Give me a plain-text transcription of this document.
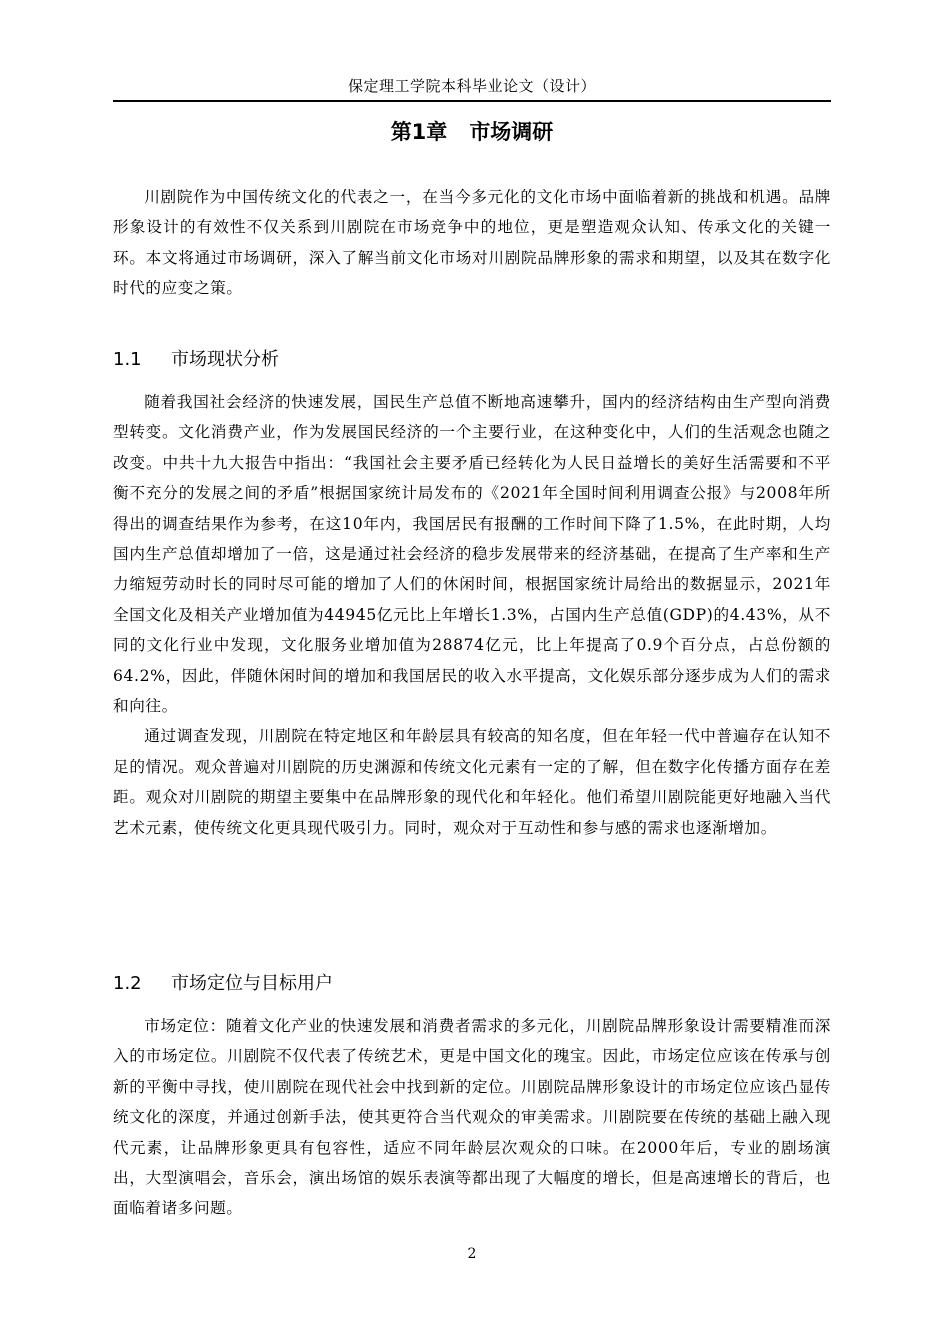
保定理工学院本科毕业论文（设计）
第1章 市场调研

川剧院作为中国传统文化的代表之一，在当今多元化的文化市场中面临着新的挑战和机遇。品牌形象设计的有效性不仅关系到川剧院在市场竞争中的地位，更是塑造观众认知、传承文化的关键一环。本文将通过市场调研，深入了解当前文化市场对川剧院品牌形象的需求和期望，以及其在数字化时代的应变之策。

1.1 市场现状分析

随着我国社会经济的快速发展，国民生产总值不断地高速攀升，国内的经济结构由生产型向消费型转变。文化消费产业，作为发展国民经济的一个主要行业，在这种变化中，人们的生活观念也随之改变。中共十九大报告中指出：“我国社会主要矛盾已经转化为人民日益增长的美好生活需要和不平衡不充分的发展之间的矛盾”根据国家统计局发布的《2021年全国时间利用调查公报》与2008年所得出的调查结果作为参考，在这10年内，我国居民有报酬的工作时间下降了1.5%，在此时期，人均国内生产总值却增加了一倍，这是通过社会经济的稳步发展带来的经济基础，在提高了生产率和生产力缩短劳动时长的同时尽可能的增加了人们的休闲时间，根据国家统计局给出的数据显示，2021年全国文化及相关产业增加值为44945亿元比上年增长1.3%，占国内生产总值(GDP)的4.43%，从不同的文化行业中发现，文化服务业增加值为28874亿元，比上年提高了0.9个百分点，占总份额的64.2%，因此，伴随休闲时间的增加和我国居民的收入水平提高，文化娱乐部分逐步成为人们的需求和向往。

通过调查发现，川剧院在特定地区和年龄层具有较高的知名度，但在年轻一代中普遍存在认知不足的情况。观众普遍对川剧院的历史渊源和传统文化元素有一定的了解，但在数字化传播方面存在差距。观众对川剧院的期望主要集中在品牌形象的现代化和年轻化。他们希望川剧院能更好地融入当代艺术元素，使传统文化更具现代吸引力。同时，观众对于互动性和参与感的需求也逐渐增加。

1.2 市场定位与目标用户

市场定位：随着文化产业的快速发展和消费者需求的多元化，川剧院品牌形象设计需要精准而深入的市场定位。川剧院不仅代表了传统艺术，更是中国文化的瑰宝。因此，市场定位应该在传承与创新的平衡中寻找，使川剧院在现代社会中找到新的定位。川剧院品牌形象设计的市场定位应该凸显传统文化的深度，并通过创新手法，使其更符合当代观众的审美需求。川剧院要在传统的基础上融入现代元素，让品牌形象更具有包容性，适应不同年龄层次观众的口味。在2000年后，专业的剧场演出，大型演唱会，音乐会，演出场馆的娱乐表演等都出现了大幅度的增长，但是高速增长的背后，也面临着诸多问题。

2
